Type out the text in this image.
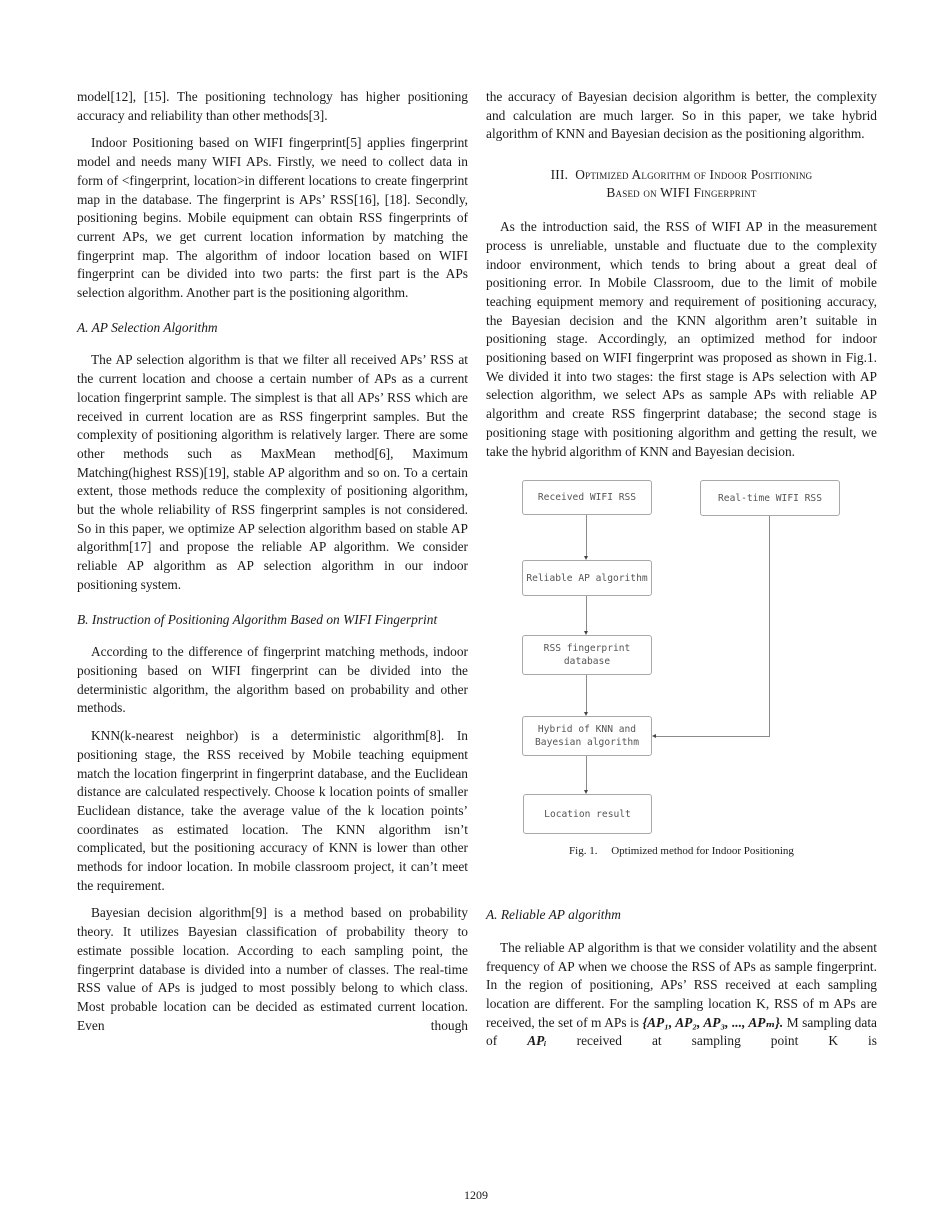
model[12], [15]. The positioning technology has higher positioning accuracy and reliability than other methods[3].

Indoor Positioning based on WIFI fingerprint[5] applies fingerprint model and needs many WIFI APs. Firstly, we need to collect data in form of <fingerprint, location>in different locations to create fingerprint map in the database. The fingerprint is APs’ RSS[16], [18]. Secondly, positioning begins. Mobile equipment can obtain RSS fingerprints of current APs, we get current location information by matching the fingerprint map. The algorithm of indoor location based on WIFI fingerprint can be divided into two parts: the first part is the APs selection algorithm. Another part is the positioning algorithm.

A. AP Selection Algorithm

The AP selection algorithm is that we filter all received APs’ RSS at the current location and choose a certain number of APs as a current location fingerprint sample. The simplest is that all APs’ RSS which are received in current location are as RSS fingerprint samples. But the complexity of positioning algorithm is relatively larger. There are some other methods such as MaxMean method[6], Maximum Matching(highest RSS)[19], stable AP algorithm and so on. To a certain extent, those methods reduce the complexity of positioning algorithm, but the whole reliability of RSS fingerprint samples is not considered. So in this paper, we optimize AP selection algorithm based on stable AP algorithm[17] and propose the reliable AP algorithm. We consider reliable AP algorithm as AP selection algorithm in our indoor positioning system.

B. Instruction of Positioning Algorithm Based on WIFI Fingerprint

According to the difference of fingerprint matching methods, indoor positioning based on WIFI fingerprint can be divided into the deterministic algorithm, the algorithm based on probability and other methods.

KNN(k-nearest neighbor) is a deterministic algorithm[8]. In positioning stage, the RSS received by Mobile teaching equipment match the location fingerprint in fingerprint database, and the Euclidean distance are calculated respectively. Choose k location points of smaller Euclidean distance, take the average value of the k location points’ coordinates as estimated location. The KNN algorithm isn’t complicated, but the positioning accuracy of KNN is lower than other methods for indoor location. In mobile classroom project, it can’t meet the requirement.

Bayesian decision algorithm[9] is a method based on probability theory. It utilizes Bayesian classification of probability theory to estimate possible location. According to each sampling point, the fingerprint database is divided into a number of classes. The real-time RSS value of APs is judged to most possibly belong to which class. Most probable location can be decided as estimated current location. Even though

the accuracy of Bayesian decision algorithm is better, the complexity and calculation are much larger. So in this paper, we take hybrid algorithm of KNN and Bayesian decision as the positioning algorithm.

III. Optimized Algorithm of Indoor Positioning
Based on WIFI Fingerprint

As the introduction said, the RSS of WIFI AP in the measurement process is unreliable, unstable and fluctuate due to the complexity indoor environment, which tends to bring about a great deal of positioning error. In Mobile Classroom, due to the limit of mobile teaching equipment memory and requirement of positioning accuracy, the Bayesian decision and the KNN algorithm aren’t suitable in positioning stage. Accordingly, an optimized method for indoor positioning based on WIFI fingerprint was proposed as shown in Fig.1. We divided it into two stages: the first stage is APs selection with AP selection algorithm, we select APs as sample APs with reliable AP algorithm and create RSS fingerprint database; the second stage is positioning stage with positioning algorithm and getting the result, we take the hybrid algorithm of KNN and Bayesian decision.

Received WIFI RSS	Real-time WIFI RSS
Reliable AP algorithm
RSS fingerprint
database
Hybrid of KNN and
Bayesian algorithm
Location result
Fig. 1.  Optimized method for Indoor Positioning
A. Reliable AP algorithm

The reliable AP algorithm is that we consider volatility and the absent frequency of AP when we choose the RSS of APs as sample fingerprint. In the region of positioning, APs’ RSS received at each sampling location are different. For the sampling location K, RSS of m APs are received, the set of m APs is {AP₁, AP₂, AP₃, ..., APₘ}. M sampling data of APᵢ received at sampling point K is

1209
